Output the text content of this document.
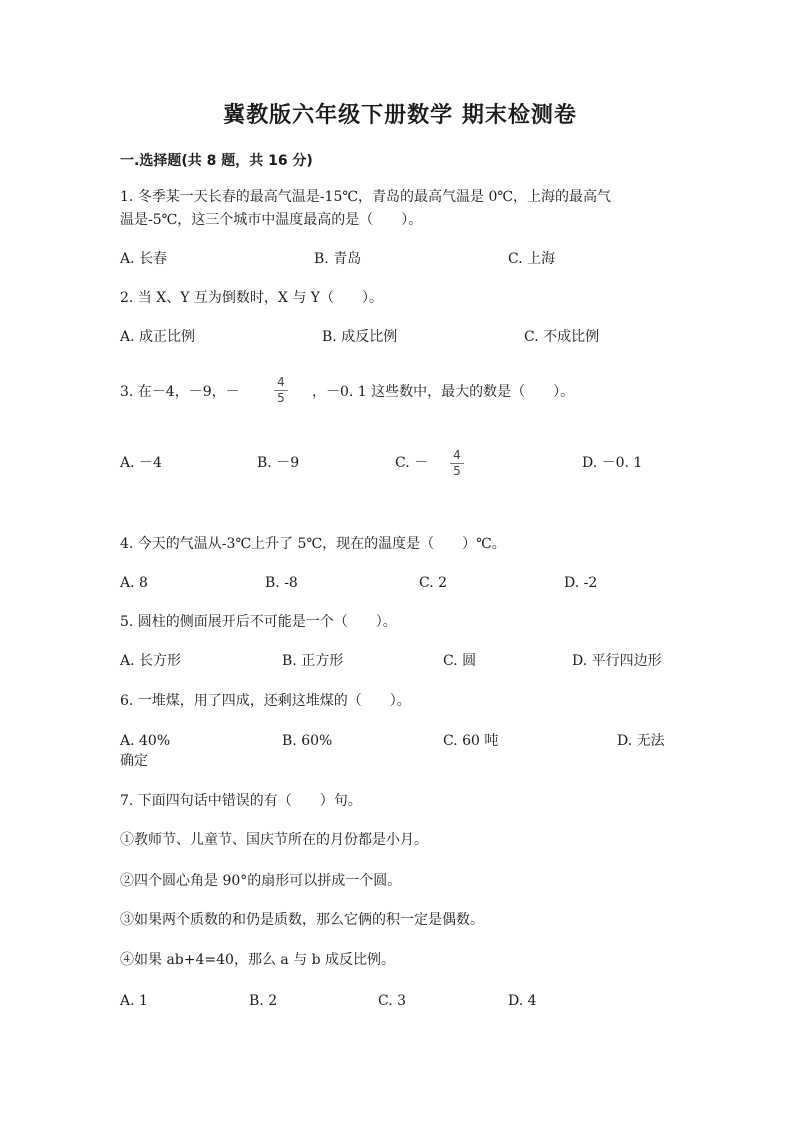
冀教版六年级下册数学 期末检测卷
一.选择题(共 8 题，共 16 分)
1. 冬季某一天长春的最高气温是-15℃，青岛的最高气温是 0℃，上海的最高气
温是-5℃，这三个城市中温度最高的是（　　）。
A. 长春	B. 青岛	C. 上海
2. 当 X、Y 互为倒数时，X 与 Y（　　）。
A. 成正比例	B. 成反比例	C. 不成比例
3. 在－4，－9，－
4
5 ，－0. 1 这些数中，最大的数是（　　）。
A. －4	B. －9	C. － 4
5	D. －0. 1
4. 今天的气温从-3℃上升了 5℃，现在的温度是（　　）℃。
A. 8	B. -8	C. 2	D. -2
5. 圆柱的侧面展开后不可能是一个（　　）。
A. 长方形	B. 正方形	C. 圆	D. 平行四边形
6. 一堆煤，用了四成，还剩这堆煤的（　　）。
A. 40%	B. 60%	C. 60 吨	D. 无法
确定
7. 下面四句话中错误的有（　　）句。
①教师节、儿童节、国庆节所在的月份都是小月。
②四个圆心角是 90°的扇形可以拼成一个圆。
③如果两个质数的和仍是质数，那么它俩的积一定是偶数。
④如果 ab+4=40，那么 a 与 b 成反比例。
A. 1	B. 2	C. 3	D. 4
